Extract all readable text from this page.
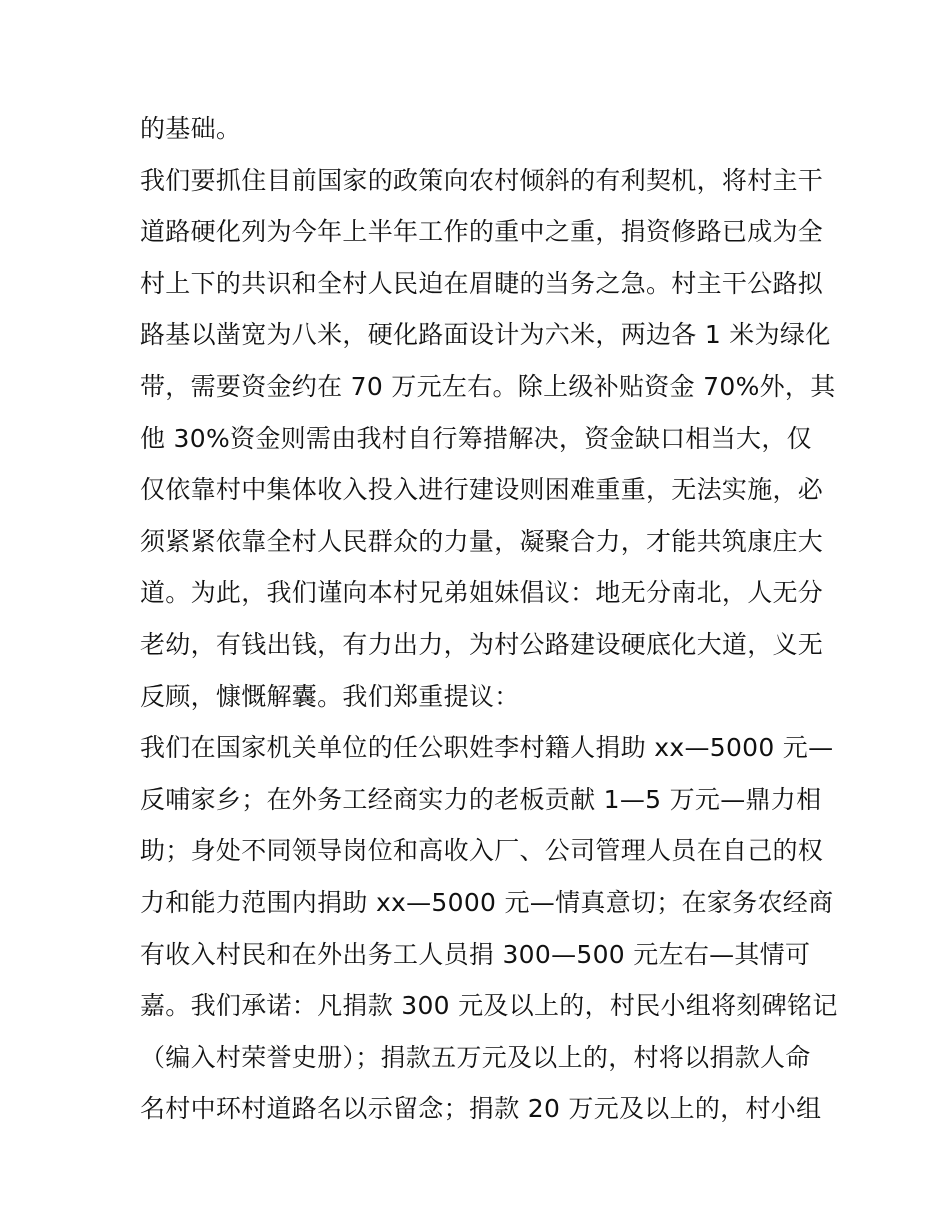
的基础。
我们要抓住目前国家的政策向农村倾斜的有利契机，将村主干
道路硬化列为今年上半年工作的重中之重，捐资修路已成为全
村上下的共识和全村人民迫在眉睫的当务之急。村主干公路拟
路基以凿宽为八米，硬化路面设计为六米，两边各 1 米为绿化
带，需要资金约在 70 万元左右。除上级补贴资金 70%外，其
他 30%资金则需由我村自行筹措解决，资金缺口相当大，仅
仅依靠村中集体收入投入进行建设则困难重重，无法实施，必
须紧紧依靠全村人民群众的力量，凝聚合力，才能共筑康庄大
道。为此，我们谨向本村兄弟姐妹倡议：地无分南北，人无分
老幼，有钱出钱，有力出力，为村公路建设硬底化大道，义无
反顾，慷慨解囊。我们郑重提议：
我们在国家机关单位的任公职姓李村籍人捐助 xx—5000 元—
反哺家乡；在外务工经商实力的老板贡献 1—5 万元—鼎力相
助；身处不同领导岗位和高收入厂、公司管理人员在自己的权
力和能力范围内捐助 xx—5000 元—情真意切；在家务农经商
有收入村民和在外出务工人员捐 300—500 元左右—其情可
嘉。我们承诺：凡捐款 300 元及以上的，村民小组将刻碑铭记
（编入村荣誉史册）；捐款五万元及以上的，村将以捐款人命
名村中环村道路名以示留念；捐款 20 万元及以上的，村小组
